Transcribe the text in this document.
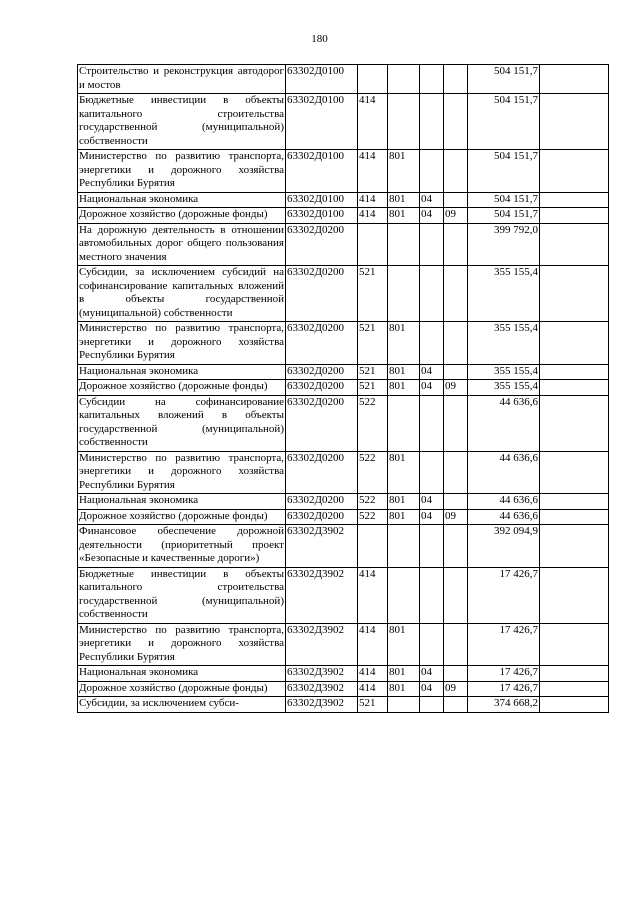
180
Строительство и реконструкция автодорог и мостов	63302Д0100					504 151,7	
Бюджетные инвестиции в объекты капитального строительства государственной (муниципальной) собственности	63302Д0100	414				504 151,7	
Министерство по развитию транспорта, энергетики и дорожного хозяйства Республики Бурятия	63302Д0100	414	801			504 151,7	
Национальная экономика	63302Д0100	414	801	04		504 151,7	
Дорожное хозяйство (дорожные фонды)	63302Д0100	414	801	04	09	504 151,7	
На дорожную деятельность в отношении автомобильных дорог общего пользования местного значения	63302Д0200					399 792,0	
Субсидии, за исключением субсидий на софинансирование капитальных вложений в объекты государственной (муниципальной) собственности	63302Д0200	521				355 155,4	
Министерство по развитию транспорта, энергетики и дорожного хозяйства Республики Бурятия	63302Д0200	521	801			355 155,4	
Национальная экономика	63302Д0200	521	801	04		355 155,4	
Дорожное хозяйство (дорожные фонды)	63302Д0200	521	801	04	09	355 155,4	
Субсидии на софинансирование капитальных вложений в объекты государственной (муниципальной) собственности	63302Д0200	522				44 636,6	
Министерство по развитию транспорта, энергетики и дорожного хозяйства Республики Бурятия	63302Д0200	522	801			44 636,6	
Национальная экономика	63302Д0200	522	801	04		44 636,6	
Дорожное хозяйство (дорожные фонды)	63302Д0200	522	801	04	09	44 636,6	
Финансовое обеспечение дорожной деятельности (приоритетный проект «Безопасные и качественные дороги»)	63302Д3902					392 094,9	
Бюджетные инвестиции в объекты капитального строительства государственной (муниципальной) собственности	63302Д3902	414				17 426,7	
Министерство по развитию транспорта, энергетики и дорожного хозяйства Республики Бурятия	63302Д3902	414	801			17 426,7	
Национальная экономика	63302Д3902	414	801	04		17 426,7	
Дорожное хозяйство (дорожные фонды)	63302Д3902	414	801	04	09	17 426,7	
Субсидии, за исключением субси-	63302Д3902	521				374 668,2	
